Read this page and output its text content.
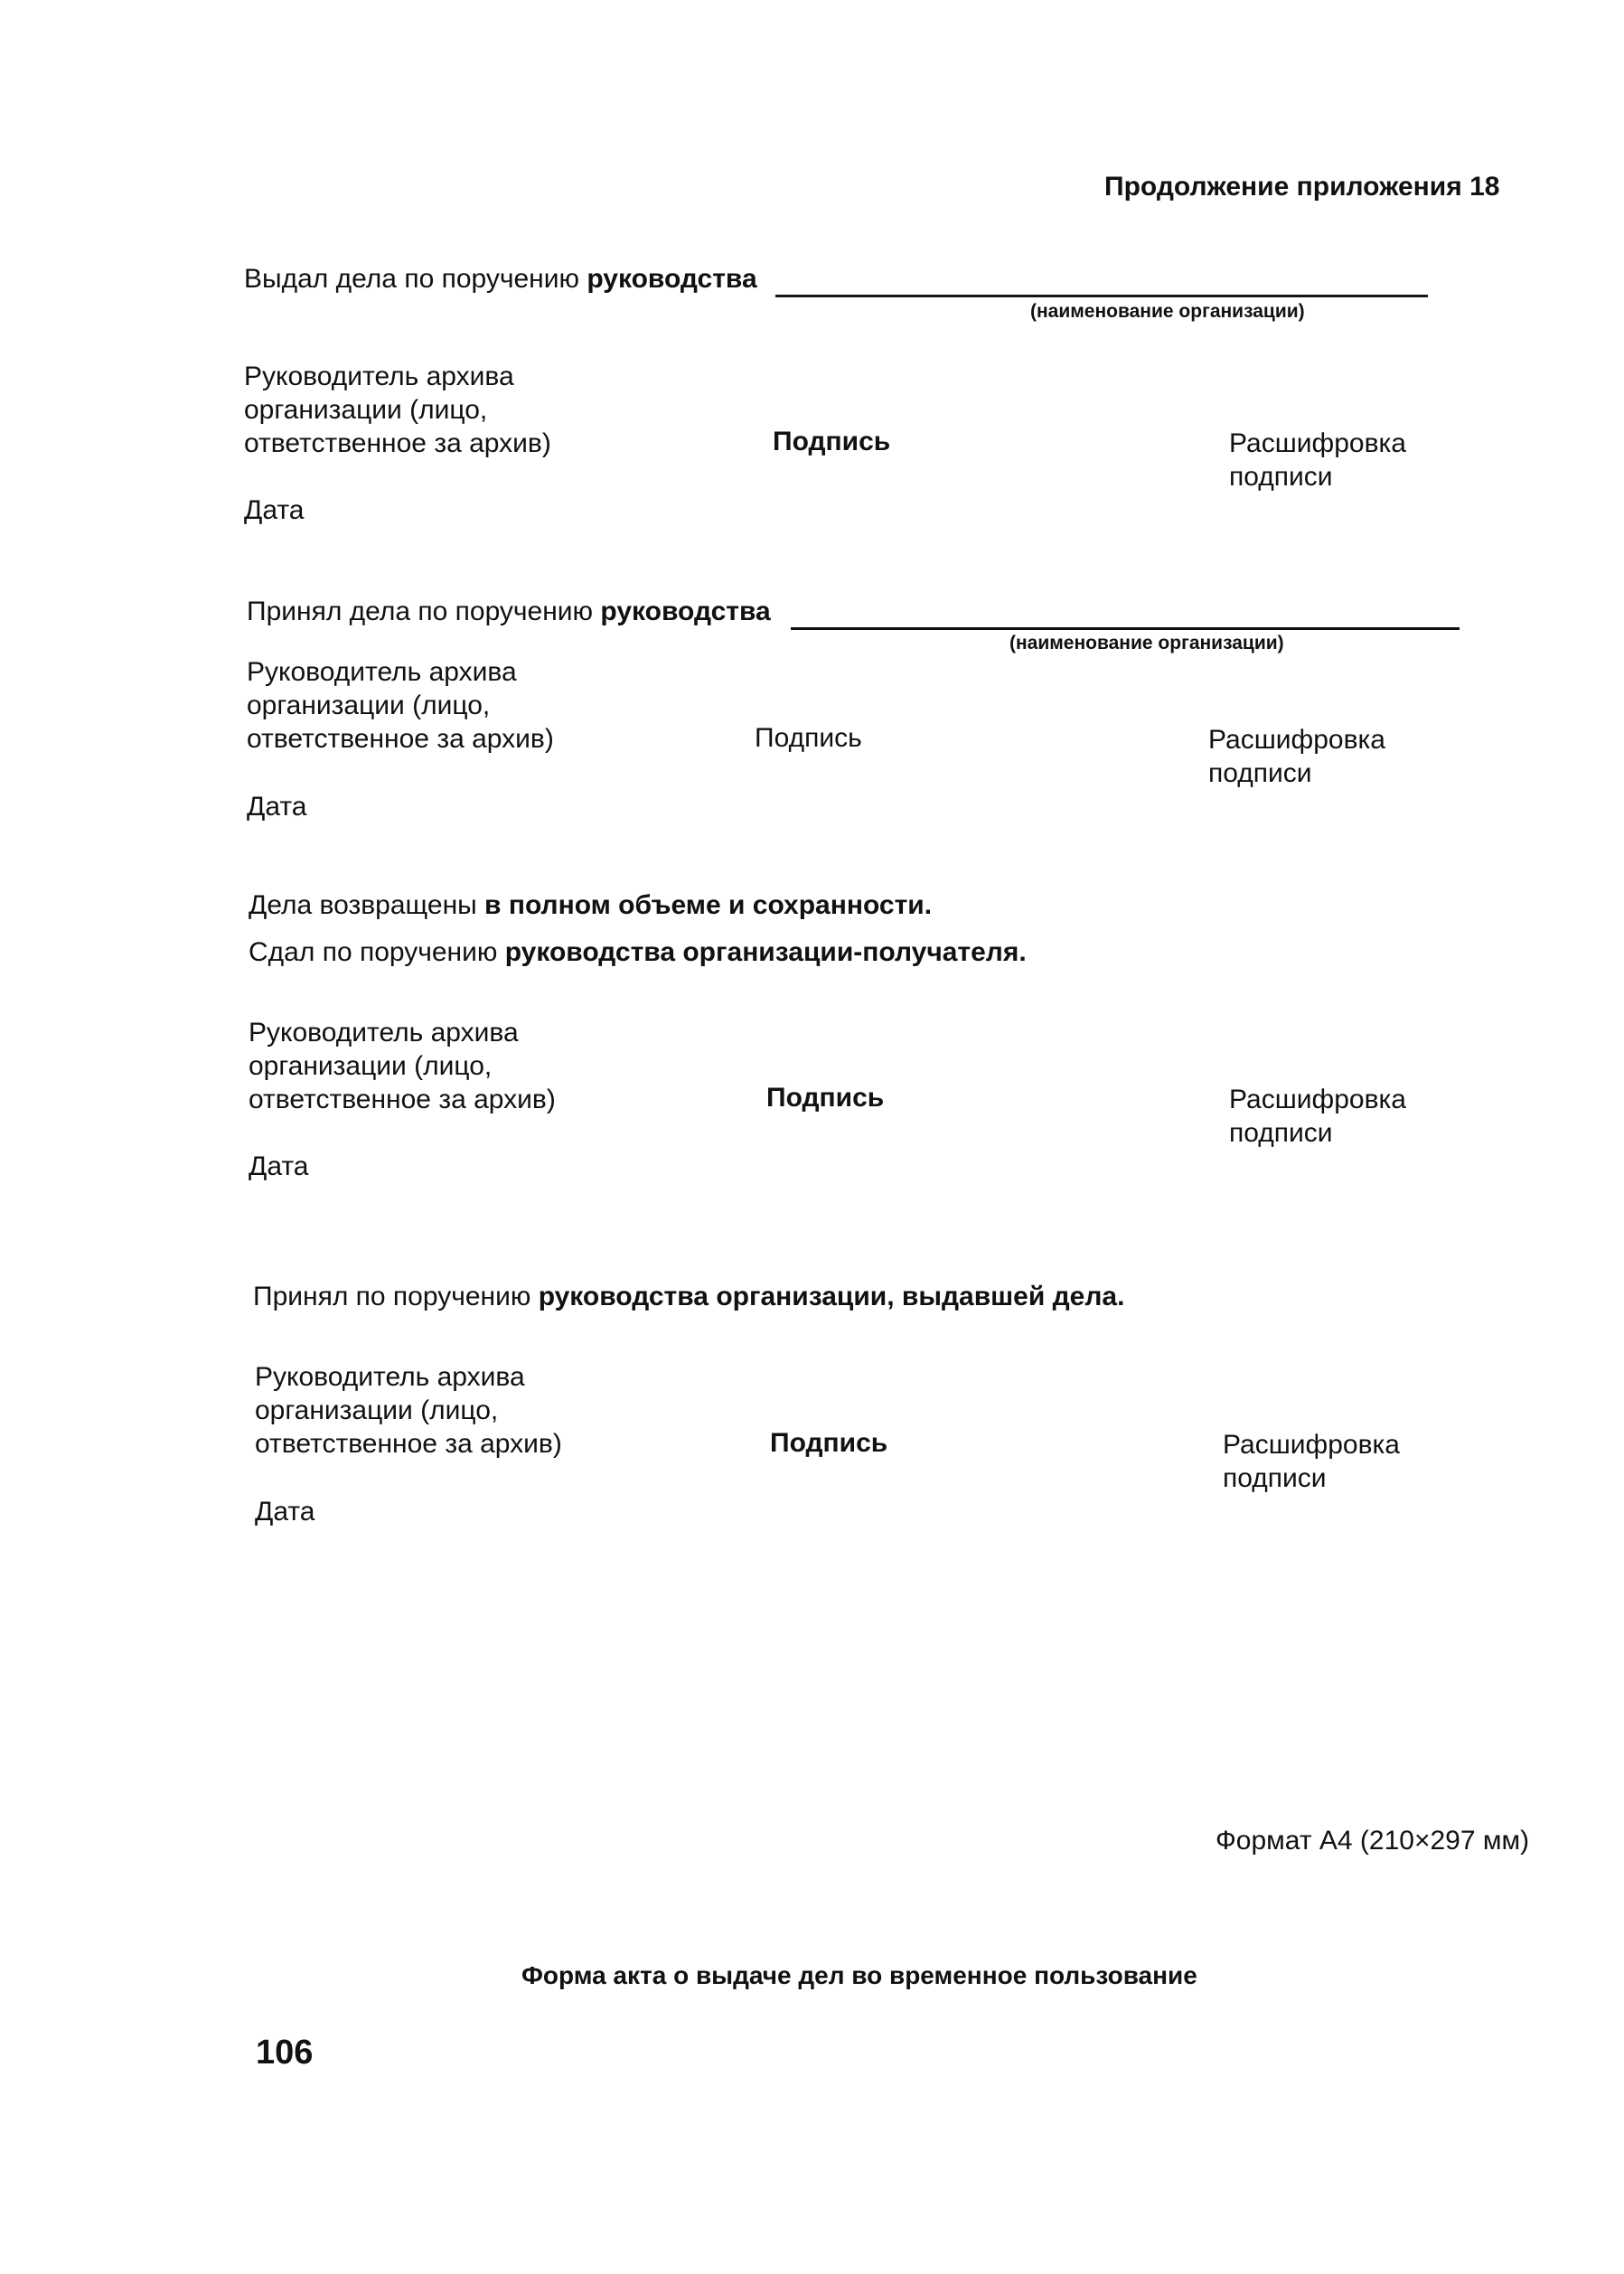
Продолжение приложения 18
Выдал дела по поручению руководства
(наименование организации)
Руководитель архива
организации (лицо,
ответственное за архив)	Подпись	Расшифровка
подписи
Дата
Принял дела по поручению руководства
(наименование организации)
Руководитель архива
организации (лицо,
ответственное за архив)	Подпись	Расшифровка
подписи
Дата
Дела возвращены в полном объеме и сохранности.
Сдал по поручению руководства организации-получателя.
Руководитель архива
организации (лицо,
ответственное за архив)	Подпись	Расшифровка
подписи
Дата
Принял по поручению руководства организации, выдавшей дела.
Руководитель архива
организации (лицо,
ответственное за архив)	Подпись	Расшифровка
подписи
Дата
Формат А4 (210×297 мм)
Форма акта о выдаче дел во временное пользование
106
